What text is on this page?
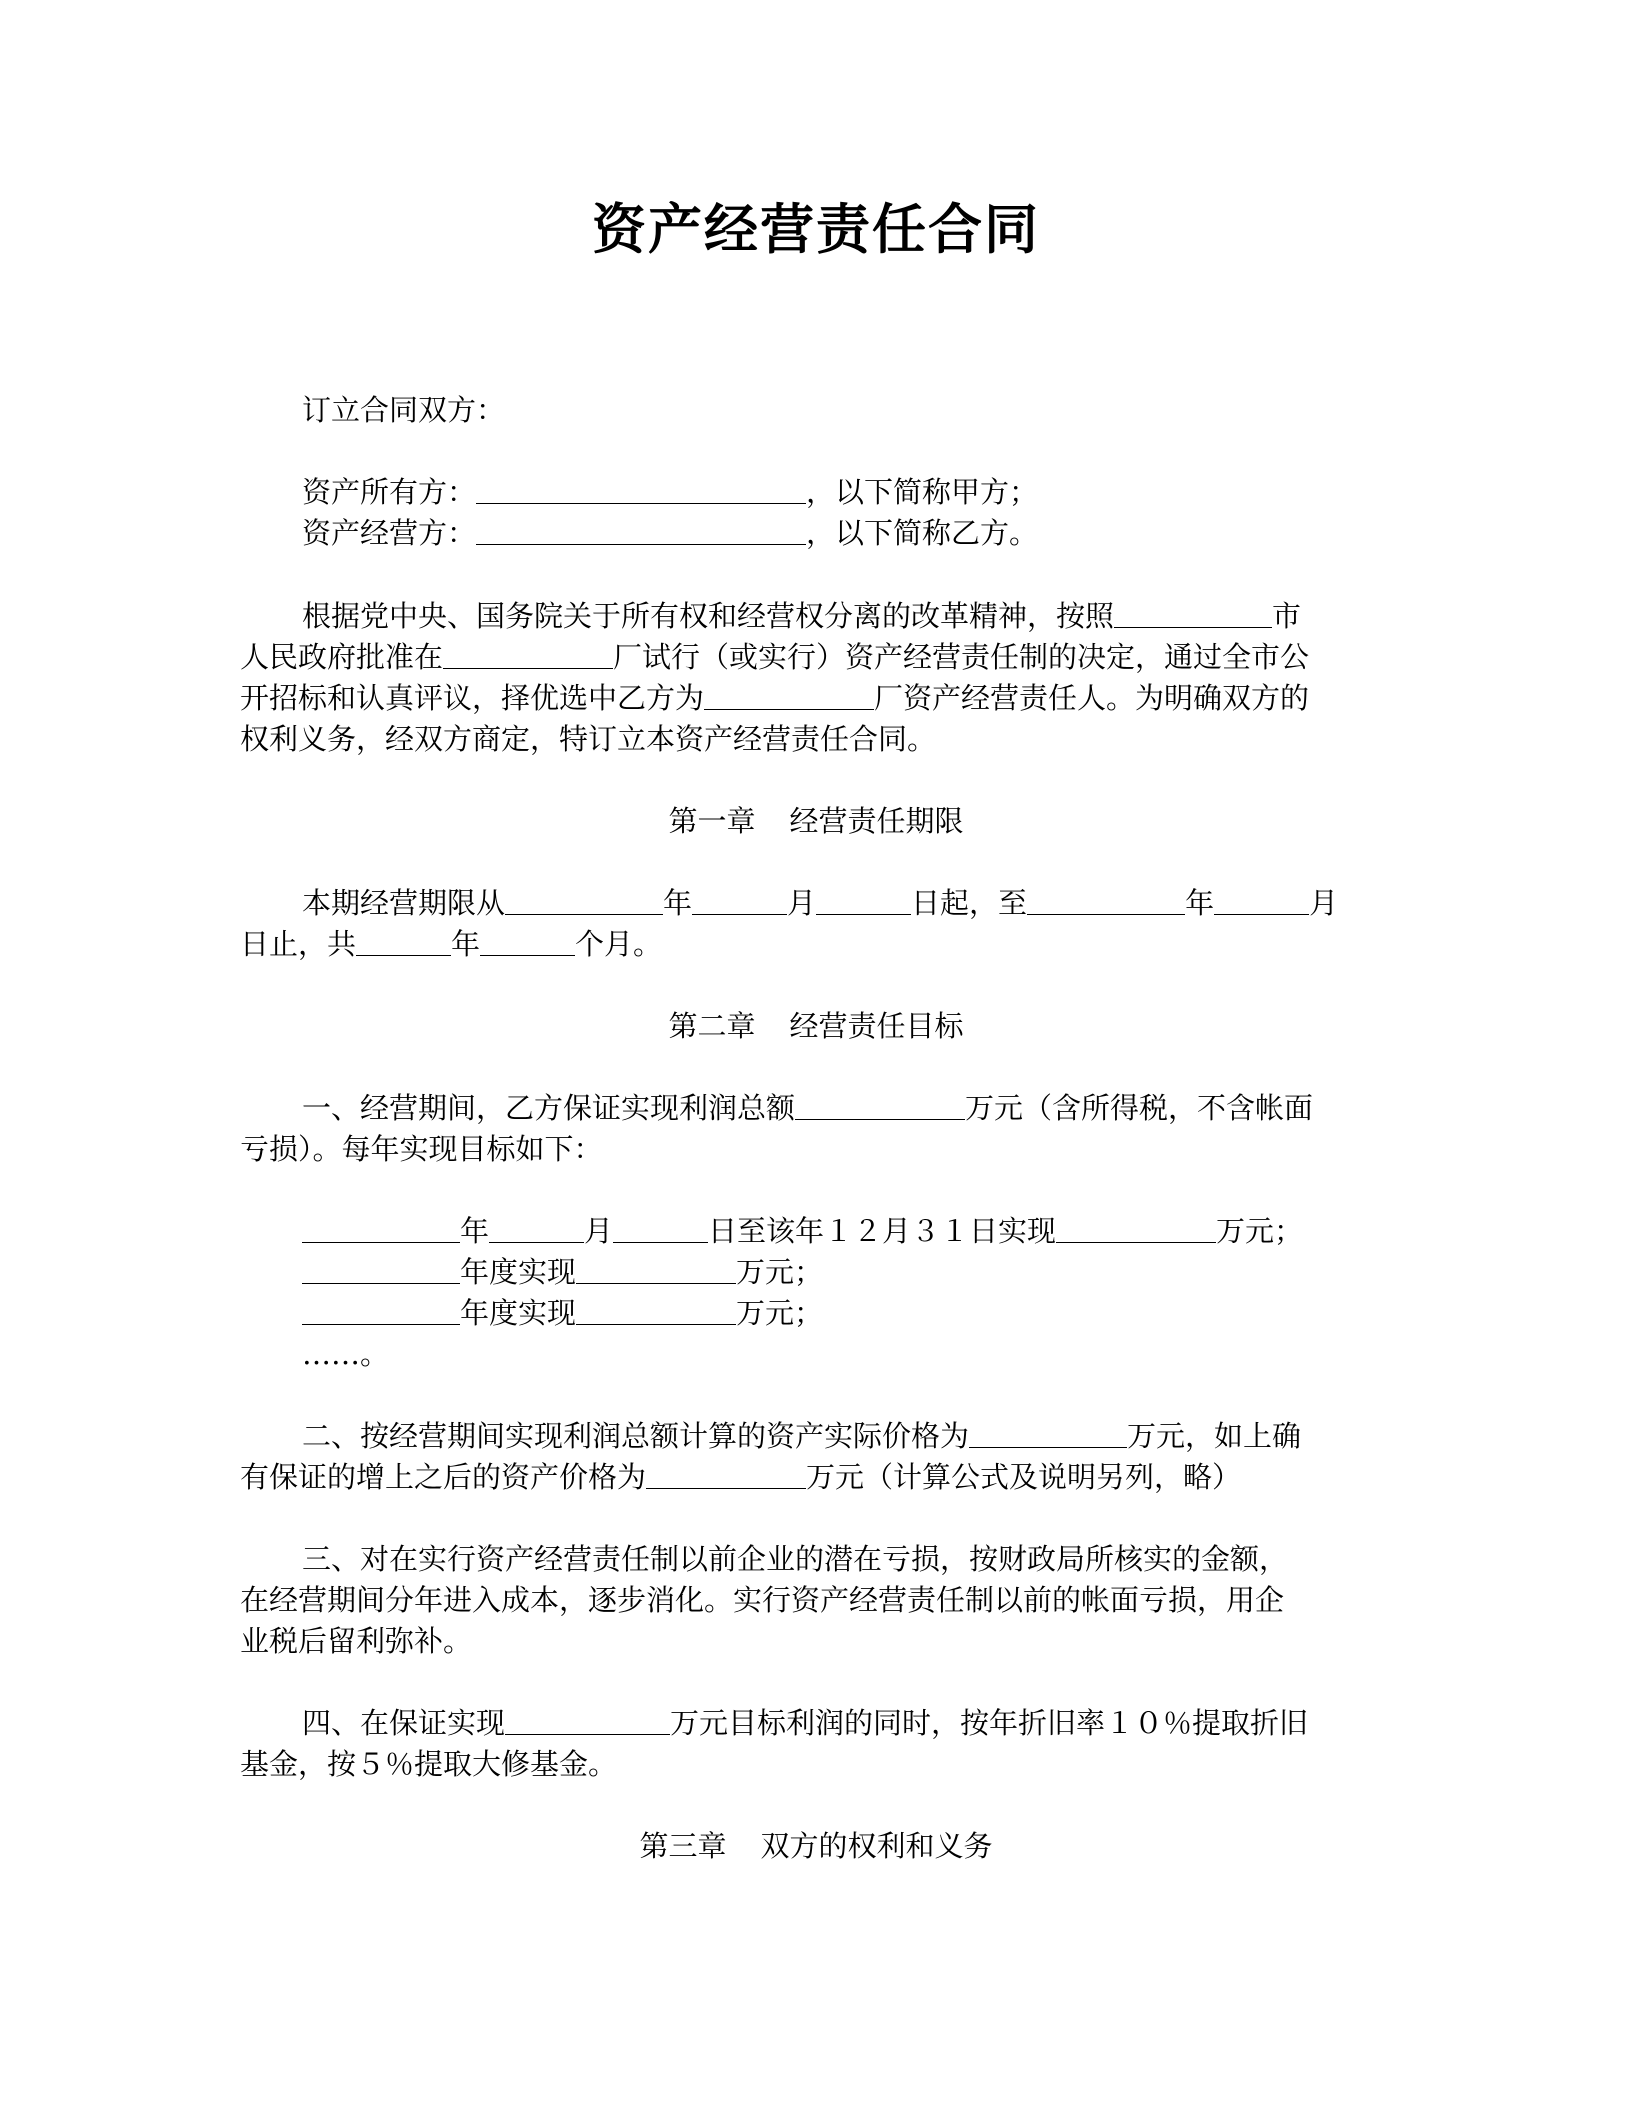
资产经营责任合同
订立合同双方：
资产所有方：	，以下简称甲方；
资产经营方：	，以下简称乙方。
根据党中央、国务院关于所有权和经营权分离的改革精神，按照	市
人民政府批准在	厂试行（或实行）资产经营责任制的决定，通过全市公
开招标和认真评议，择优选中乙方为	厂资产经营责任人。为明确双方的
权利义务，经双方商定，特订立本资产经营责任合同。
第一章 经营责任期限
本期经营期限从	年	月	日起，至	年	月
日止，共	年	个月。
第二章 经营责任目标
一、经营期间，乙方保证实现利润总额	万元（含所得税，不含帐面
亏损）。每年实现目标如下：
年	月	日至该年１２月３１日实现	万元；
年度实现	万元；
年度实现	万元；
……。
二、按经营期间实现利润总额计算的资产实际价格为	万元，如上确
有保证的增上之后的资产价格为	万元（计算公式及说明另列，略）
三、对在实行资产经营责任制以前企业的潜在亏损，按财政局所核实的金额，
在经营期间分年进入成本，逐步消化。实行资产经营责任制以前的帐面亏损，用企
业税后留利弥补。
四、在保证实现	万元目标利润的同时，按年折旧率１０％提取折旧
基金，按５％提取大修基金。
第三章 双方的权利和义务
